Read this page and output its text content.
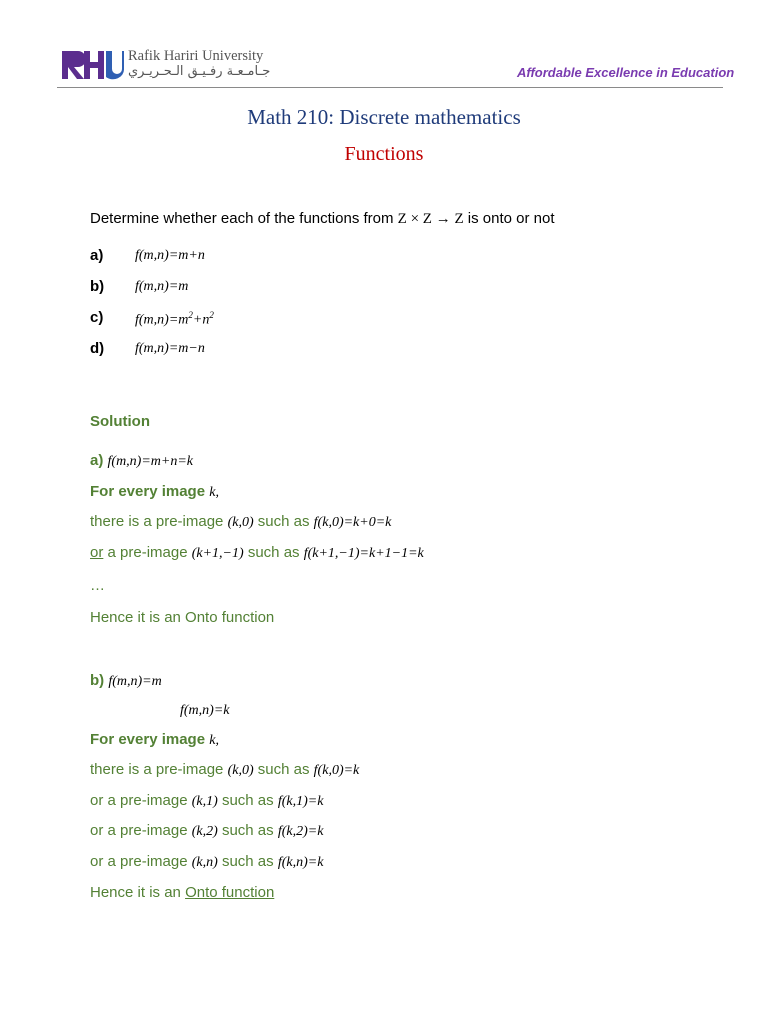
Rafik Hariri University
جـامـعـة رفـيـق الـحـريـري	Affordable Excellence in Education
Math 210: Discrete mathematics
Functions
Determine whether each of the functions from Z × Z → Z is onto or not
a) f(m,n)=m+n
b) f(m,n)=m
c) $f(m,n)=m^2+n^2$
d) f(m,n)=m−n
Solution
a) f(m,n)=m+n=k
For every image k,
there is a pre-image (k,0) such as f(k,0)=k+0=k
or a pre-image (k+1,−1) such as f(k+1,−1)=k+1−1=k
…
Hence it is an Onto function
b) f(m,n)=m
f(m,n)=k
For every image k,
there is a pre-image (k,0) such as f(k,0)=k
or a pre-image (k,1) such as f(k,1)=k
or a pre-image (k,2) such as f(k,2)=k
or a pre-image (k,n) such as f(k,n)=k
Hence it is an Onto function
